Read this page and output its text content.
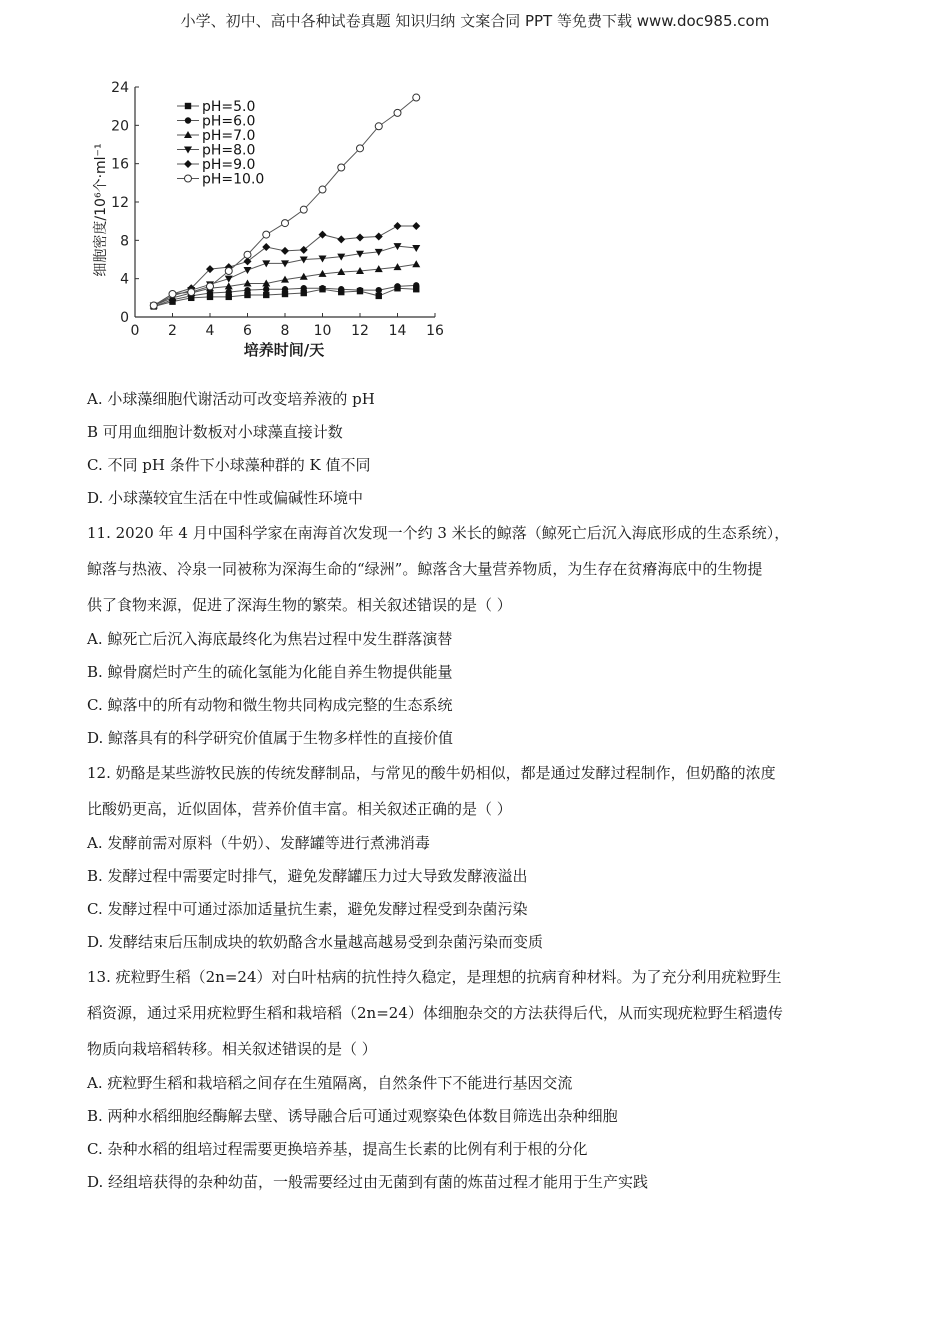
小学、初中、高中各种试卷真题 知识归纳 文案合同 PPT 等免费下载 www.doc985.com
0 2 4 6 8 10 12 14 16
0
4
8
12
16
20
24
pH=5.0
pH=6.0
pH=7.0
pH=8.0
pH=9.0
pH=10.0
培养时间/天
细胞密度/10⁶个·ml⁻¹
A. 小球藻细胞代谢活动可改变培养液的 pH
B 可用血细胞计数板对小球藻直接计数
C. 不同 pH 条件下小球藻种群的 K 值不同
D. 小球藻较宜生活在中性或偏碱性环境中
11. 2020 年 4 月中国科学家在南海首次发现一个约 3 米长的鲸落（鲸死亡后沉入海底形成的生态系统），
鲸落与热液、冷泉一同被称为深海生命的“绿洲”。鲸落含大量营养物质，为生存在贫瘠海底中的生物提
供了食物来源，促进了深海生物的繁荣。相关叙述错误的是（ ）
A. 鲸死亡后沉入海底最终化为焦岩过程中发生群落演替
B. 鲸骨腐烂时产生的硫化氢能为化能自养生物提供能量
C. 鲸落中的所有动物和微生物共同构成完整的生态系统
D. 鲸落具有的科学研究价值属于生物多样性的直接价值
12. 奶酪是某些游牧民族的传统发酵制品，与常见的酸牛奶相似，都是通过发酵过程制作，但奶酪的浓度
比酸奶更高，近似固体，营养价值丰富。相关叙述正确的是（ ）
A. 发酵前需对原料（牛奶）、发酵罐等进行煮沸消毒
B. 发酵过程中需要定时排气，避免发酵罐压力过大导致发酵液溢出
C. 发酵过程中可通过添加适量抗生素，避免发酵过程受到杂菌污染
D. 发酵结束后压制成块的软奶酪含水量越高越易受到杂菌污染而变质
13. 疣粒野生稻（2n=24）对白叶枯病的抗性持久稳定，是理想的抗病育种材料。为了充分利用疣粒野生
稻资源，通过采用疣粒野生稻和栽培稻（2n=24）体细胞杂交的方法获得后代，从而实现疣粒野生稻遗传
物质向栽培稻转移。相关叙述错误的是（ ）
A. 疣粒野生稻和栽培稻之间存在生殖隔离，自然条件下不能进行基因交流
B. 两种水稻细胞经酶解去壁、诱导融合后可通过观察染色体数目筛选出杂种细胞
C. 杂种水稻的组培过程需要更换培养基，提高生长素的比例有利于根的分化
D. 经组培获得的杂种幼苗，一般需要经过由无菌到有菌的炼苗过程才能用于生产实践
